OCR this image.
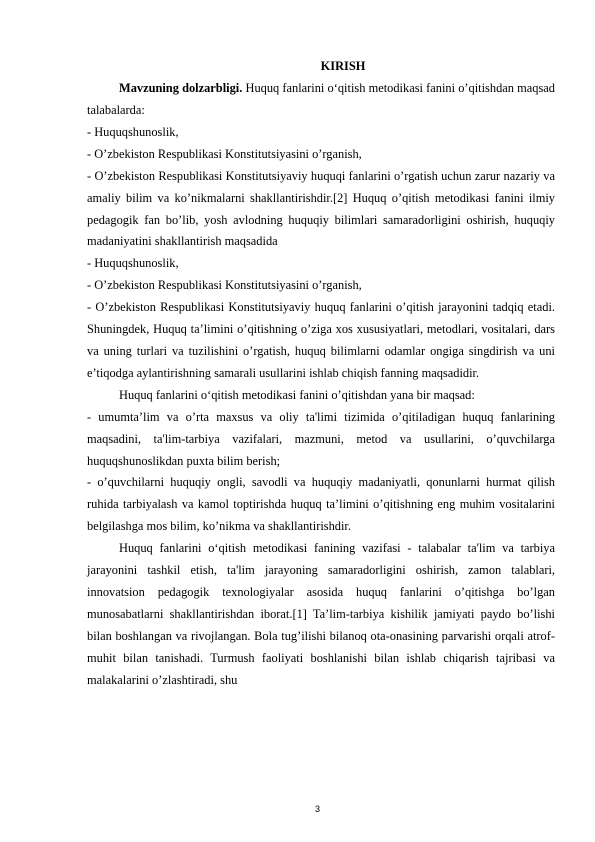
KIRISH

Mavzuning dolzarbligi. Huquq fanlarini o‘qitish metodikasi fanini o’qitishdan maqsad talabalarda:

- Huquqshunoslik,

- O’zbekiston Respublikasi Konstitutsiyasini o’rganish,

- O’zbekiston Respublikasi Konstitutsiyaviy huquqi fanlarini o’rgatish uchun zarur nazariy va amaliy bilim va ko’nikmalarni shakllantirishdir.[2] Huquq o’qitish metodikasi fanini ilmiy pedagogik fan bo’lib, yosh avlodning huquqiy bilimlari samaradorligini oshirish, huquqiy madaniyatini shakllantirish maqsadida

- Huquqshunoslik,

- O’zbekiston Respublikasi Konstitutsiyasini o’rganish,

- O’zbekiston Respublikasi Konstitutsiyaviy huquq fanlarini o’qitish jarayonini tadqiq etadi. Shuningdek, Huquq ta’limini o’qitishning o’ziga xos xususiyatlari, metodlari, vositalari, dars va uning turlari va tuzilishini o’rgatish, huquq bilimlarni odamlar ongiga singdirish va uni e’tiqodga aylantirishning samarali usullarini ishlab chiqish fanning maqsadidir.

Huquq fanlarini o‘qitish metodikasi fanini o’qitishdan yana bir maqsad:

- umumta’lim va o’rta maxsus va oliy ta'limi tizimida o’qitiladigan huquq fanlarining maqsadini, ta'lim-tarbiya vazifalari, mazmuni, metod va usullarini, o’quvchilarga huquqshunoslikdan puxta bilim berish;

- o’quvchilarni huquqiy ongli, savodli va huquqiy madaniyatli, qonunlarni hurmat qilish ruhida tarbiyalash va kamol toptirishda huquq ta’limini o’qitishning eng muhim vositalarini belgilashga mos bilim, ko’nikma va shakllantirishdir.

Huquq fanlarini o‘qitish metodikasi fanining vazifasi - talabalar ta'lim va tarbiya jarayonini tashkil etish, ta'lim jarayoning samaradorligini oshirish, zamon talablari, innovatsion pedagogik texnologiyalar asosida huquq fanlarini o’qitishga bo’lgan munosabatlarni shakllantirishdan iborat.[1] Ta’lim-tarbiya kishilik jamiyati paydo bo’lishi bilan boshlangan va rivojlangan. Bola tug’ilishi bilanoq ota-onasining parvarishi orqali atrof-muhit bilan tanishadi. Turmush faoliyati boshlanishi bilan ishlab chiqarish tajribasi va malakalarini o’zlashtiradi, shu

3
